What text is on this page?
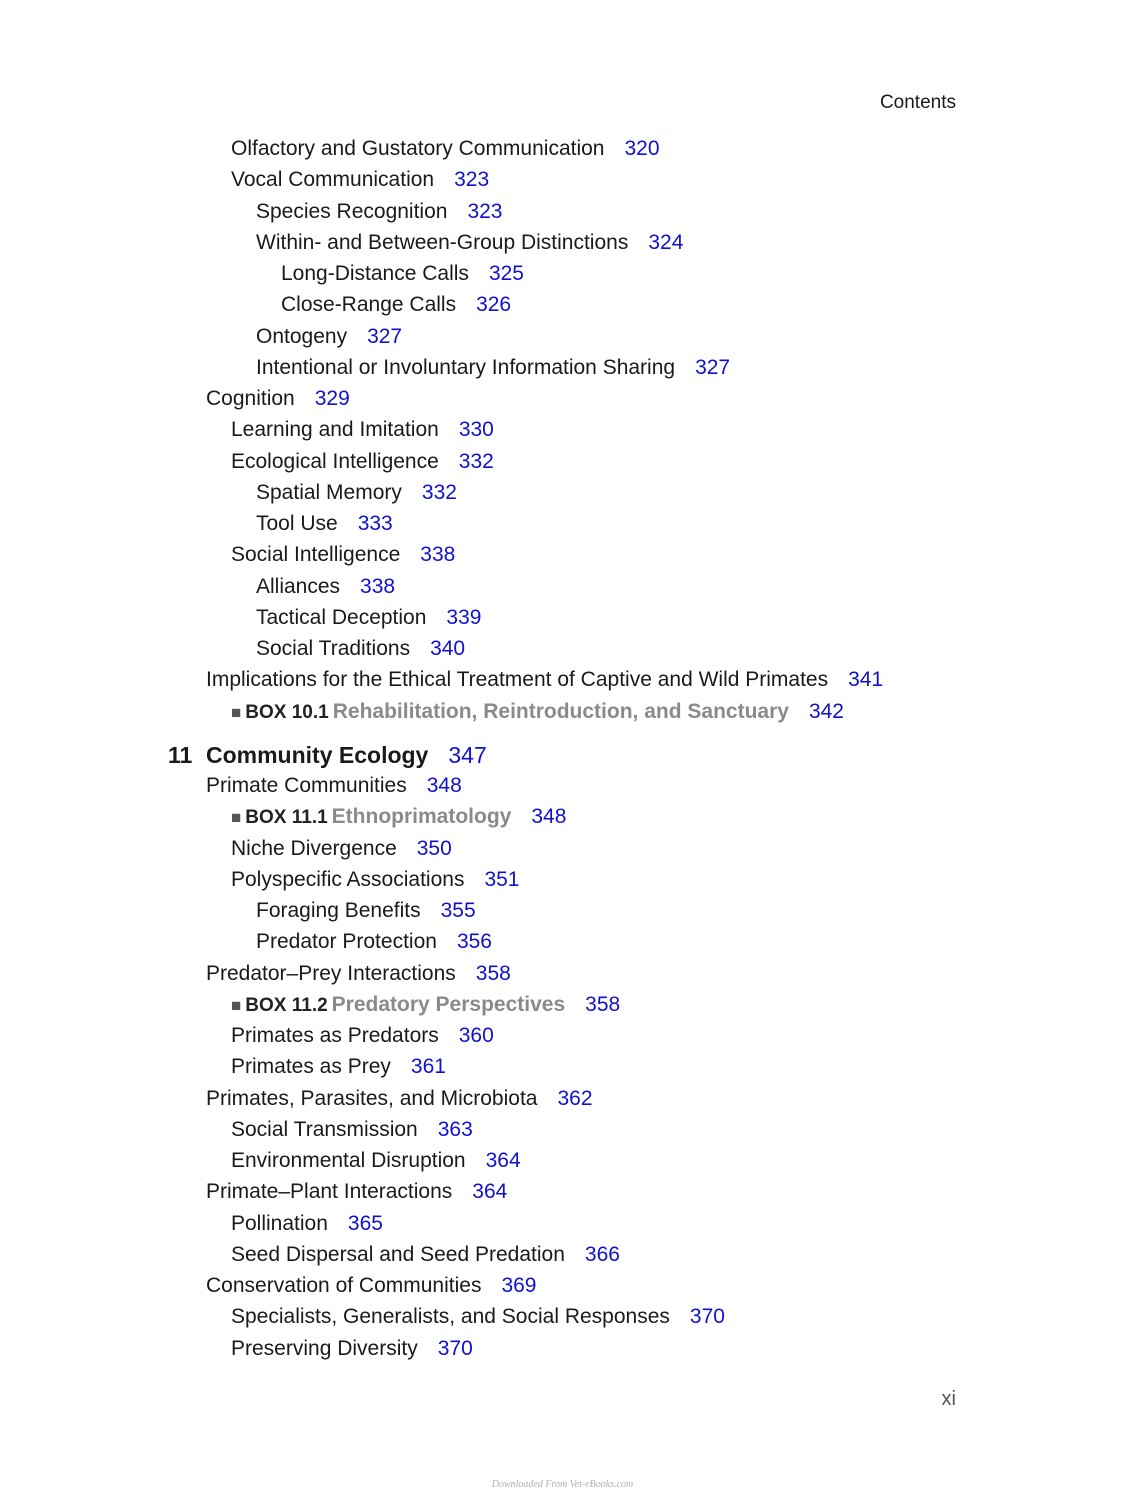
Contents
Olfactory and Gustatory Communication 320
Vocal Communication 323
Species Recognition 323
Within- and Between-Group Distinctions 324
Long-Distance Calls 325
Close-Range Calls 326
Ontogeny 327
Intentional or Involuntary Information Sharing 327
Cognition 329
Learning and Imitation 330
Ecological Intelligence 332
Spatial Memory 332
Tool Use 333
Social Intelligence 338
Alliances 338
Tactical Deception 339
Social Traditions 340
Implications for the Ethical Treatment of Captive and Wild Primates 341
■ BOX 10.1 Rehabilitation, Reintroduction, and Sanctuary 342
11 Community Ecology 347
Primate Communities 348
■ BOX 11.1 Ethnoprimatology 348
Niche Divergence 350
Polyspecific Associations 351
Foraging Benefits 355
Predator Protection 356
Predator–Prey Interactions 358
■ BOX 11.2 Predatory Perspectives 358
Primates as Predators 360
Primates as Prey 361
Primates, Parasites, and Microbiota 362
Social Transmission 363
Environmental Disruption 364
Primate–Plant Interactions 364
Pollination 365
Seed Dispersal and Seed Predation 366
Conservation of Communities 369
Specialists, Generalists, and Social Responses 370
Preserving Diversity 370
xi
Downloaded From Vet-eBooks.com
